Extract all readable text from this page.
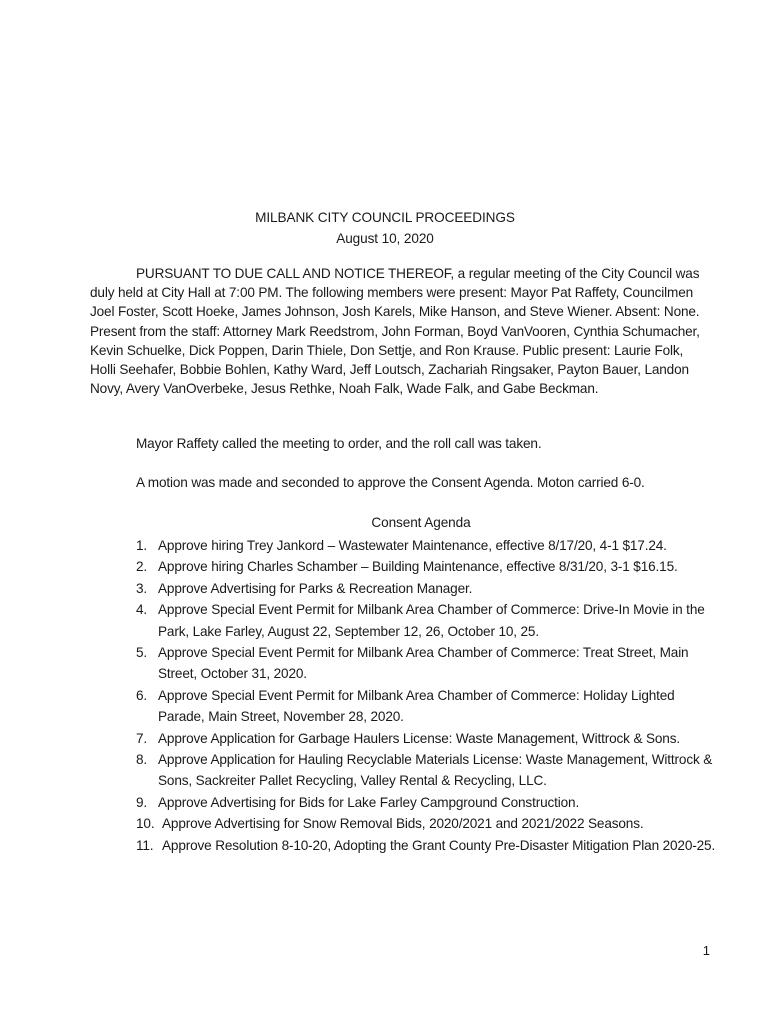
MILBANK CITY COUNCIL PROCEEDINGS
August 10, 2020

PURSUANT TO DUE CALL AND NOTICE THEREOF, a regular meeting of the City Council was duly held at City Hall at 7:00 PM. The following members were present: Mayor Pat Raffety, Councilmen Joel Foster, Scott Hoeke, James Johnson, Josh Karels, Mike Hanson, and Steve Wiener. Absent: None. Present from the staff: Attorney Mark Reedstrom, John Forman, Boyd VanVooren, Cynthia Schumacher, Kevin Schuelke, Dick Poppen, Darin Thiele, Don Settje, and Ron Krause. Public present: Laurie Folk, Holli Seehafer, Bobbie Bohlen, Kathy Ward, Jeff Loutsch, Zachariah Ringsaker, Payton Bauer, Landon Novy, Avery VanOverbeke, Jesus Rethke, Noah Falk, Wade Falk, and Gabe Beckman.

Mayor Raffety called the meeting to order, and the roll call was taken.

A motion was made and seconded to approve the Consent Agenda. Moton carried 6-0.

Consent Agenda
1. Approve hiring Trey Jankord – Wastewater Maintenance, effective 8/17/20, 4-1 $17.24.
2. Approve hiring Charles Schamber – Building Maintenance, effective 8/31/20, 3-1 $16.15.
3. Approve Advertising for Parks & Recreation Manager.
4. Approve Special Event Permit for Milbank Area Chamber of Commerce: Drive-In Movie in the Park, Lake Farley, August 22, September 12, 26, October 10, 25.
5. Approve Special Event Permit for Milbank Area Chamber of Commerce: Treat Street, Main Street, October 31, 2020.
6. Approve Special Event Permit for Milbank Area Chamber of Commerce: Holiday Lighted Parade, Main Street, November 28, 2020.
7. Approve Application for Garbage Haulers License: Waste Management, Wittrock & Sons.
8. Approve Application for Hauling Recyclable Materials License: Waste Management, Wittrock & Sons, Sackreiter Pallet Recycling, Valley Rental & Recycling, LLC.
9. Approve Advertising for Bids for Lake Farley Campground Construction.
10. Approve Advertising for Snow Removal Bids, 2020/2021 and 2021/2022 Seasons.
11. Approve Resolution 8-10-20, Adopting the Grant County Pre-Disaster Mitigation Plan 2020-25.
1
